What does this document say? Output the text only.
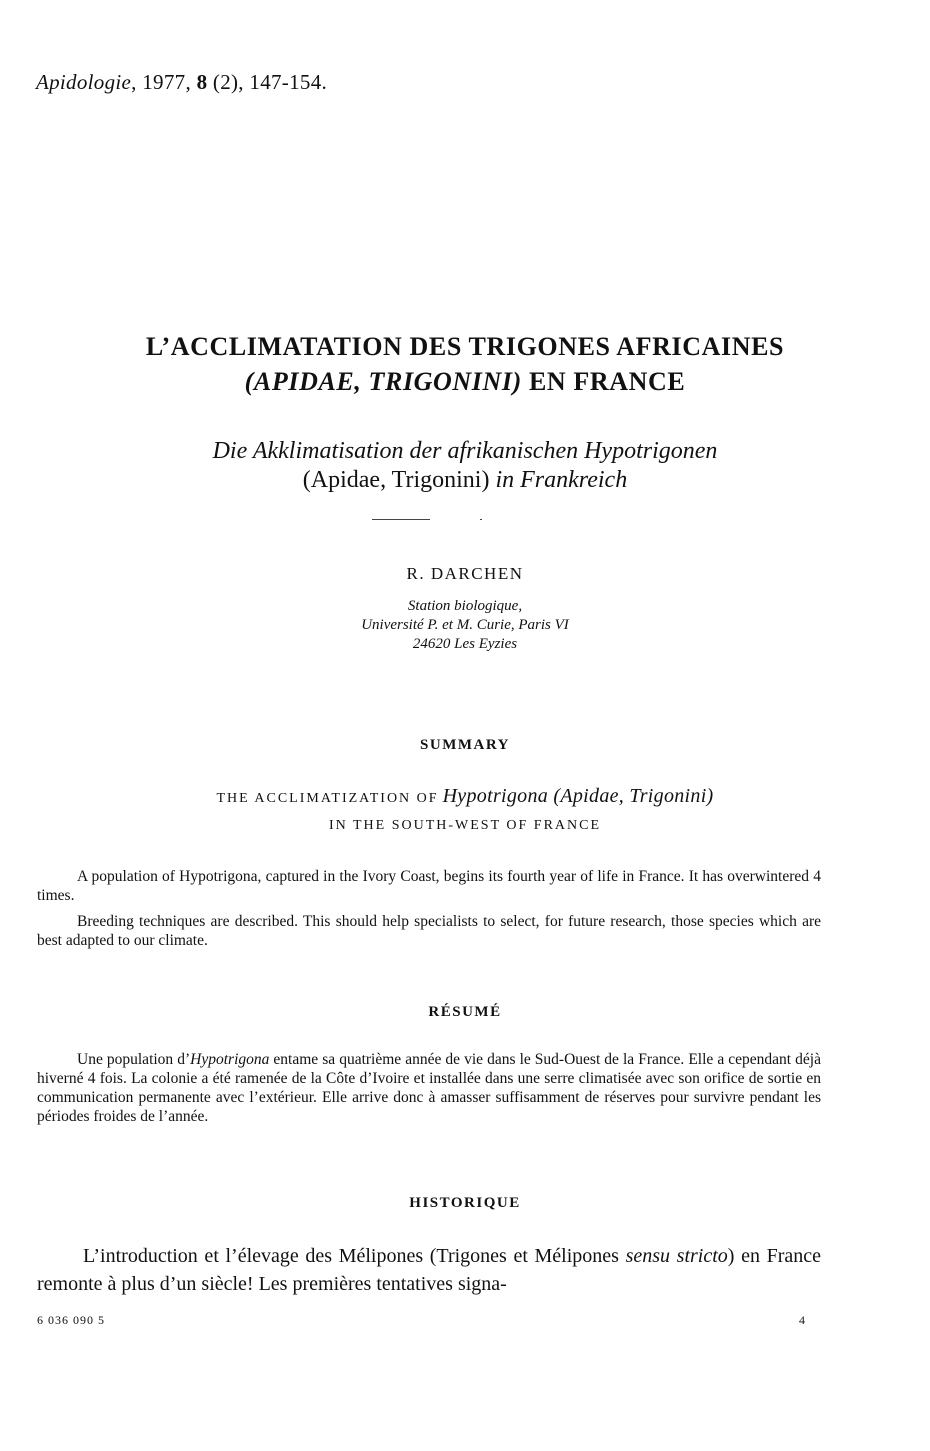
Apidologie, 1977, 8 (2), 147-154.
L’ACCLIMATATION DES TRIGONES AFRICAINES
(APIDAE, TRIGONINI) EN FRANCE
Die Akklimatisation der afrikanischen Hypotrigonen
(Apidae, Trigonini) in Frankreich
R. DARCHEN
Station biologique,
Université P. et M. Curie, Paris VI
24620 Les Eyzies
SUMMARY
THE ACCLIMATIZATION OF Hypotrigona (Apidae, Trigonini)
IN THE SOUTH-WEST OF FRANCE
A population of Hypotrigona, captured in the Ivory Coast, begins its fourth year of life in France. It has overwintered 4 times.
Breeding techniques are described. This should help specialists to select, for future research, those species which are best adapted to our climate.
RÉSUMÉ
Une population d’Hypotrigona entame sa quatrième année de vie dans le Sud-Ouest de la France. Elle a cependant déjà hiverné 4 fois. La colonie a été ramenée de la Côte d’Ivoire et installée dans une serre climatisée avec son orifice de sortie en communication permanente avec l’extérieur. Elle arrive donc à amasser suffisamment de réserves pour survivre pendant les périodes froides de l’année.
HISTORIQUE
L’introduction et l’élevage des Mélipones (Trigones et Mélipones sensu stricto) en France remonte à plus d’un siècle! Les premières tentatives signa-
6 036 090 5	4
